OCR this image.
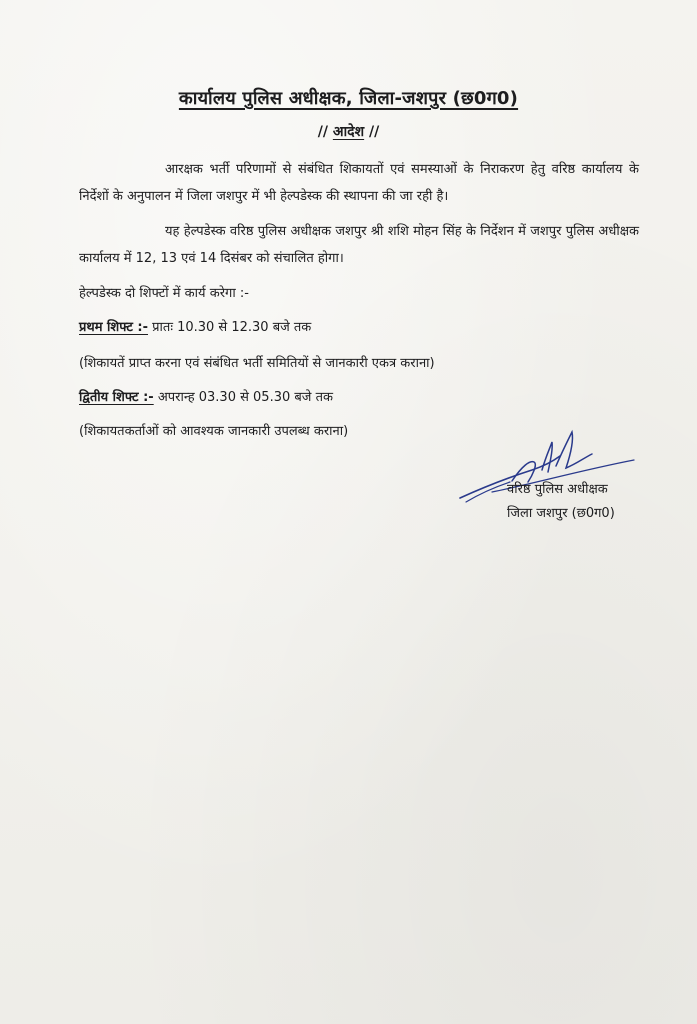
कार्यालय पुलिस अधीक्षक, जिला-जशपुर (छ0ग0)
// आदेश //
आरक्षक भर्ती परिणामों से संबंधित शिकायतों एवं समस्याओं के निराकरण हेतु वरिष्ठ कार्यालय के निर्देशों के अनुपालन में जिला जशपुर में भी हेल्पडेस्क की स्थापना की जा रही है।
यह हेल्पडेस्क वरिष्ठ पुलिस अधीक्षक जशपुर श्री शशि मोहन सिंह के निर्देशन में जशपुर पुलिस अधीक्षक कार्यालय में 12, 13 एवं 14 दिसंबर को संचालित होगा।
हेल्पडेस्क दो शिफ्टों में कार्य करेगा :-
प्रथम शिफ्ट :- प्रातः 10.30 से 12.30 बजे तक
(शिकायतें प्राप्त करना एवं संबंधित भर्ती समितियों से जानकारी एकत्र कराना)
द्वितीय शिफ्ट :- अपरान्ह 03.30 से 05.30 बजे तक
(शिकायतकर्ताओं को आवश्यक जानकारी उपलब्ध कराना)
वरिष्ठ पुलिस अधीक्षक
जिला जशपुर (छ0ग0)
